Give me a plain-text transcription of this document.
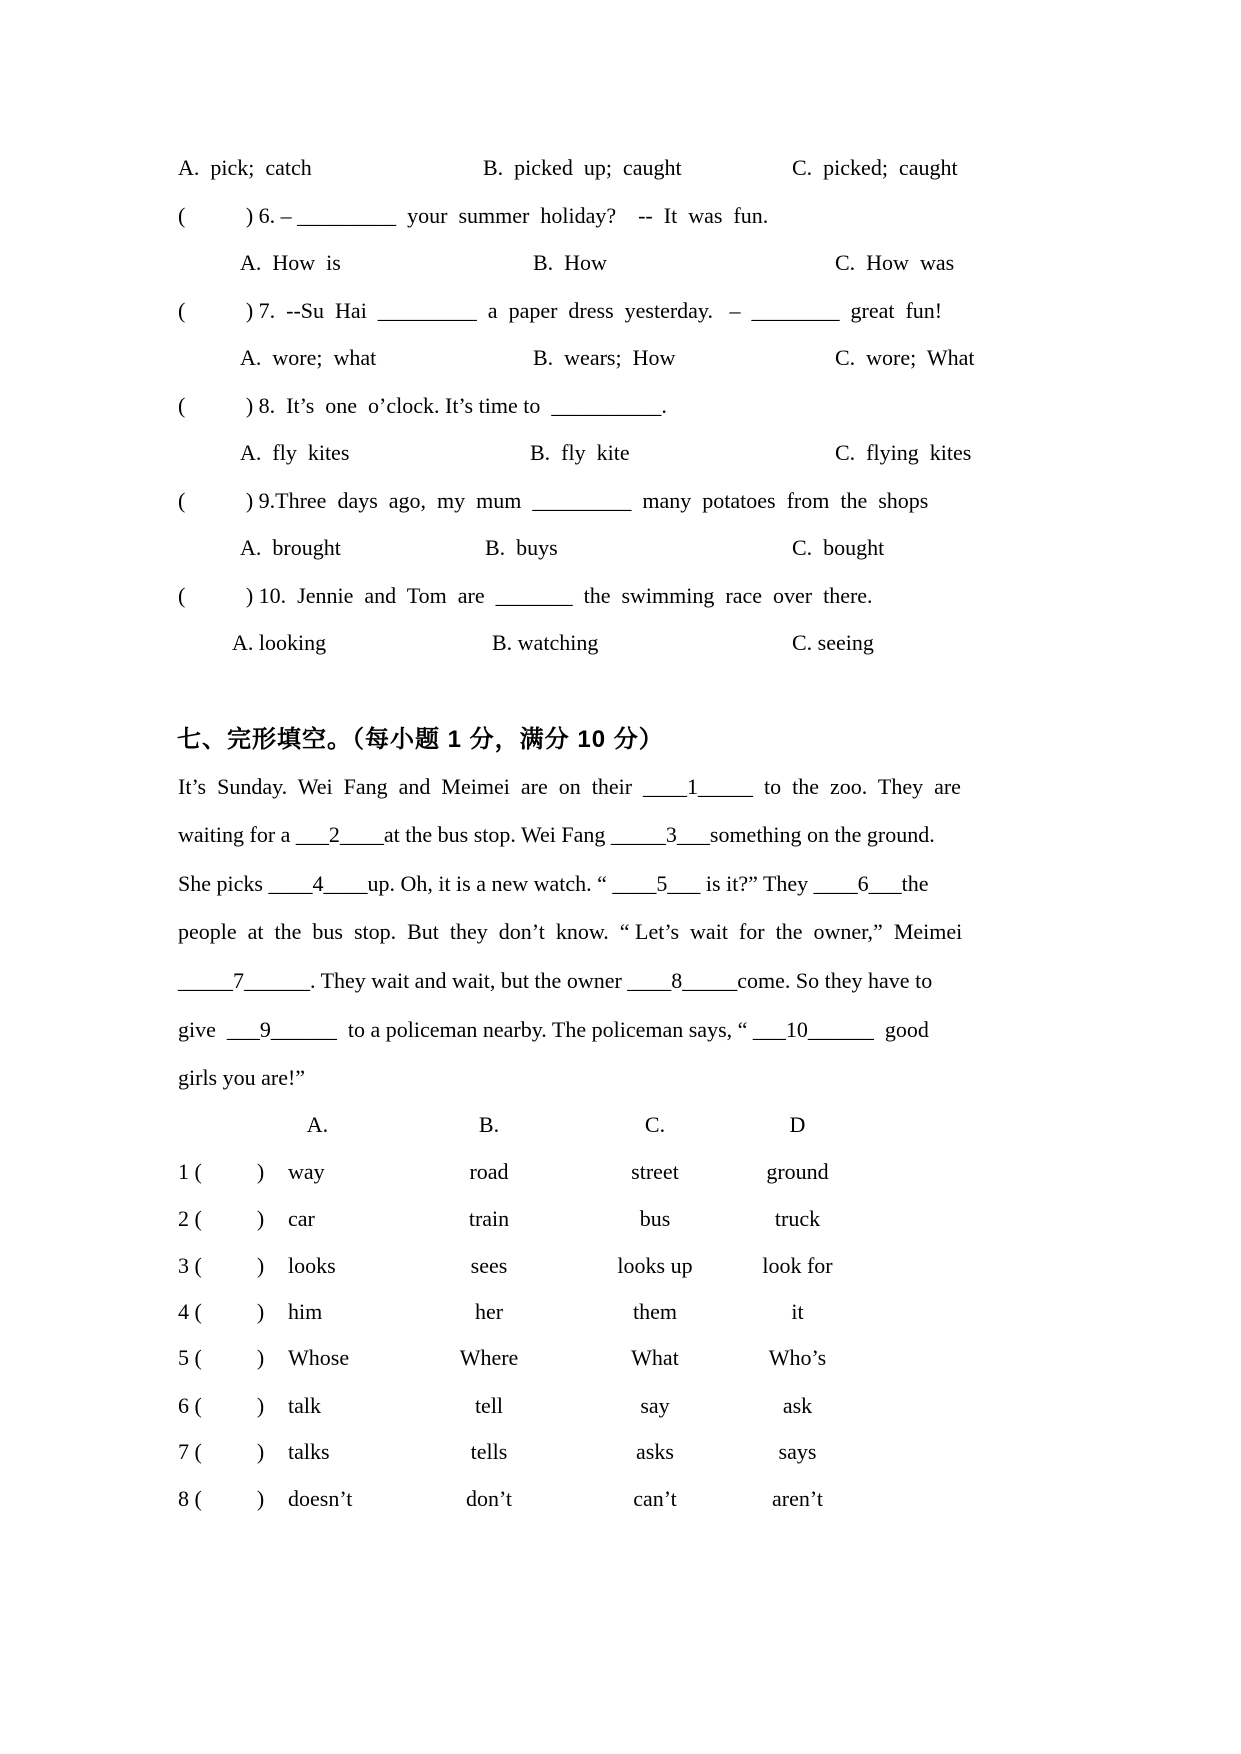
A.  pick;  catch	B.  picked  up;  caught	C.  picked;  caught
(           ) 6. – _________  your  summer  holiday?    --  It  was  fun.
A.  How  is	B.  How	C.  How  was
(           ) 7.  --Su  Hai  _________  a  paper  dress  yesterday.   –  ________  great  fun!
A.  wore;  what	B.  wears;  How	C.  wore;  What
(           ) 8.  It’s  one  o’clock. It’s time to  __________.
A.  fly  kites	B.  fly  kite	C.  flying  kites
(           ) 9.Three  days  ago,  my  mum  _________  many  potatoes  from  the  shops
A.  brought	B.  buys	C.  bought
(           ) 10.  Jennie  and  Tom  are  _______  the  swimming  race  over  there.
A. looking	B. watching	C. seeing
七、完形填空。（每小题 1 分，满分 10 分）
It’s  Sunday.  Wei  Fang  and  Meimei  are  on  their  ____1_____  to  the  zoo.  They  are
waiting for a ___2____at the bus stop. Wei Fang _____3___something on the ground.
She picks ____4____up. Oh, it is a new watch. “ ____5___ is it?” They ____6___the
people  at  the  bus  stop.  But  they  don’t  know.  “ Let’s  wait  for  the  owner,”  Meimei
_____7______. They wait and wait, but the owner ____8_____come. So they have to
give  ___9______  to a policeman nearby. The policeman says, “ ___10______  good
girls you are!”
A.	B.	C.	D
1 (          ) way	road	street	ground
2 (          ) car	train	bus	truck
3 (          ) looks	sees	looks up	look for
4 (          ) him	her	them	it
5 (          ) Whose	Where	What	Who’s
6 (          ) talk	tell	say	ask
7 (          ) talks	tells	asks	says
8 (          ) doesn’t	don’t	can’t	aren’t
